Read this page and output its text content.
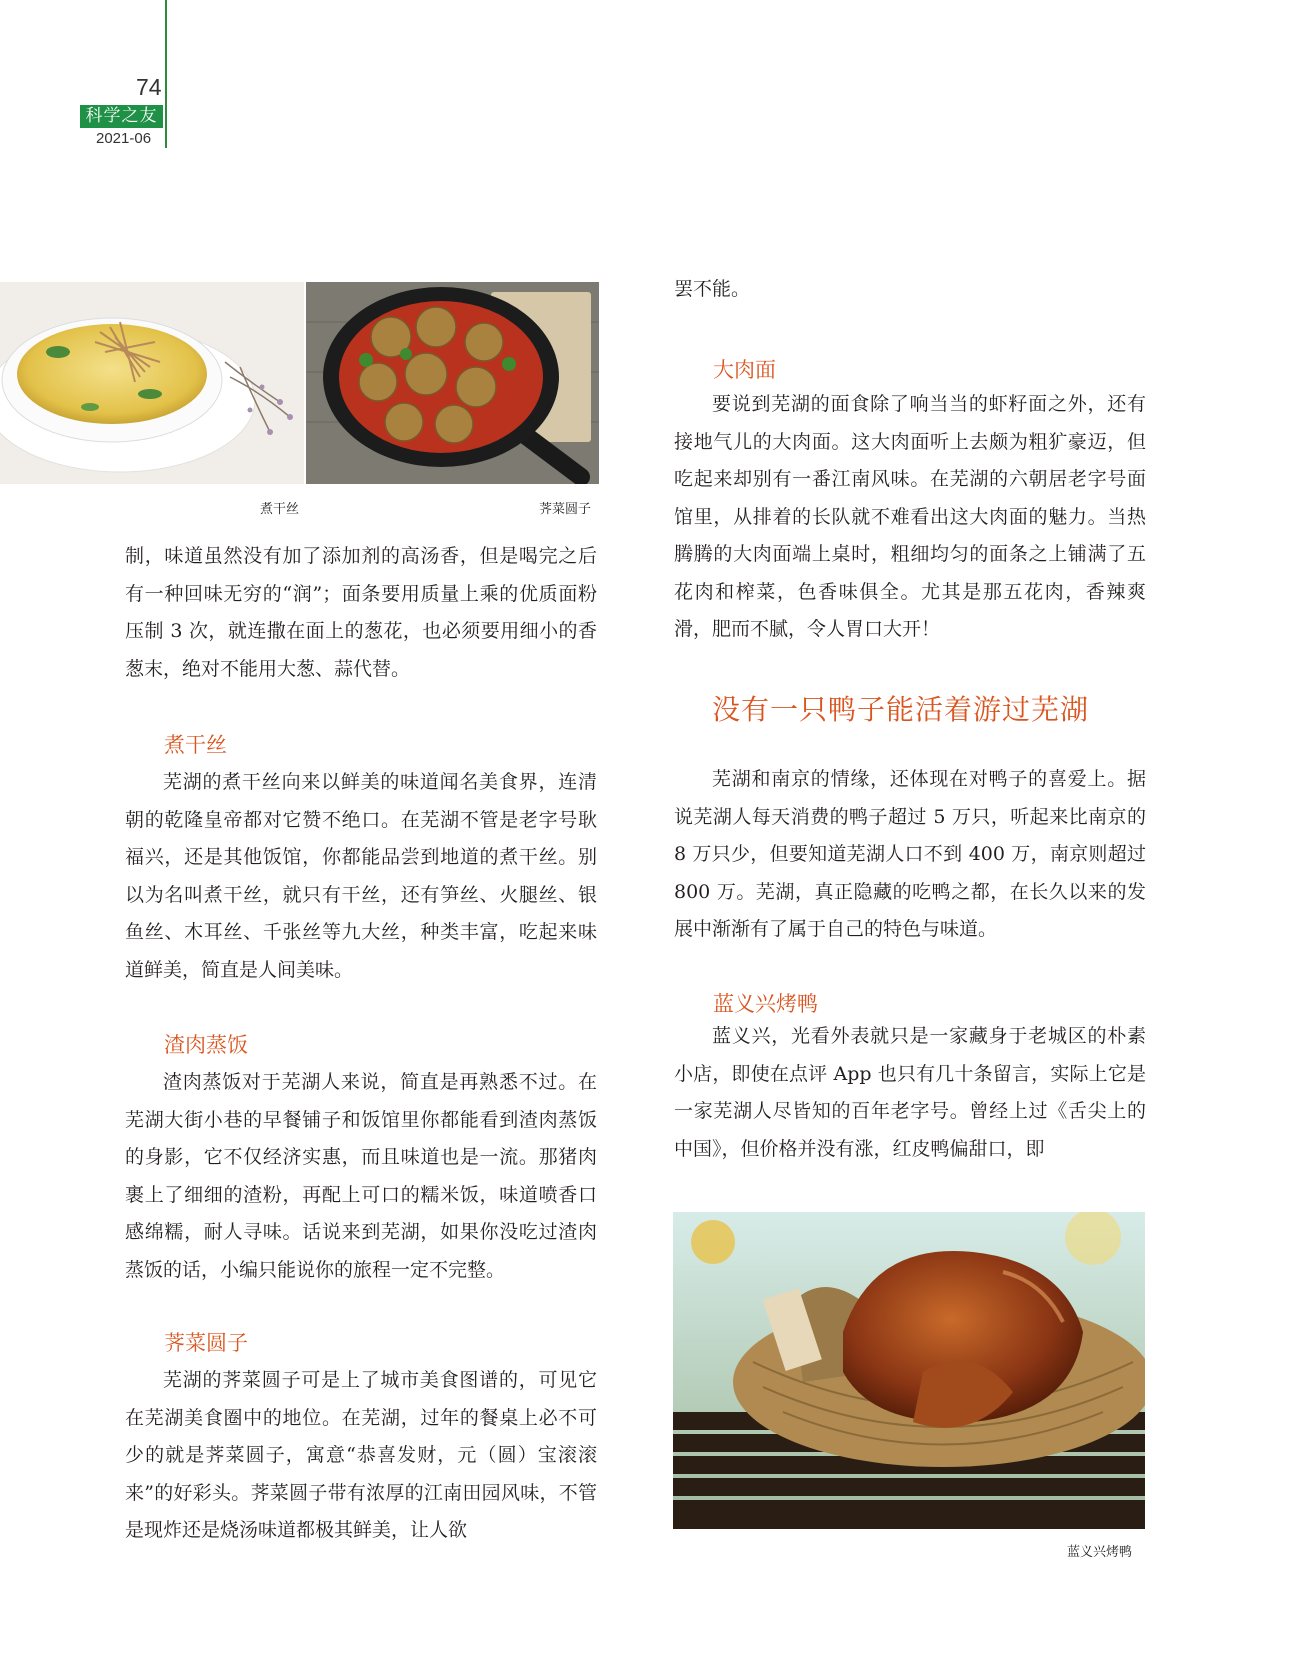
74
科学之友
2021-06
煮干丝	荠菜圆子

制，味道虽然没有加了添加剂的高汤香，但是喝完之后有一种回味无穷的“润”；面条要用质量上乘的优质面粉压制 3 次，就连撒在面上的葱花，也必须要用细小的香葱末，绝对不能用大葱、蒜代替。

煮干丝

芜湖的煮干丝向来以鲜美的味道闻名美食界，连清朝的乾隆皇帝都对它赞不绝口。在芜湖不管是老字号耿福兴，还是其他饭馆，你都能品尝到地道的煮干丝。别以为名叫煮干丝，就只有干丝，还有笋丝、火腿丝、银鱼丝、木耳丝、千张丝等九大丝，种类丰富，吃起来味道鲜美，简直是人间美味。

渣肉蒸饭

渣肉蒸饭对于芜湖人来说，简直是再熟悉不过。在芜湖大街小巷的早餐铺子和饭馆里你都能看到渣肉蒸饭的身影，它不仅经济实惠，而且味道也是一流。那猪肉裹上了细细的渣粉，再配上可口的糯米饭，味道喷香口感绵糯，耐人寻味。话说来到芜湖，如果你没吃过渣肉蒸饭的话，小编只能说你的旅程一定不完整。

荠菜圆子

芜湖的荠菜圆子可是上了城市美食图谱的，可见它在芜湖美食圈中的地位。在芜湖，过年的餐桌上必不可少的就是荠菜圆子，寓意“恭喜发财，元（圆）宝滚滚来”的好彩头。荠菜圆子带有浓厚的江南田园风味，不管是现炸还是烧汤味道都极其鲜美，让人欲

罢不能。

大肉面

要说到芜湖的面食除了响当当的虾籽面之外，还有接地气儿的大肉面。这大肉面听上去颇为粗犷豪迈，但吃起来却别有一番江南风味。在芜湖的六朝居老字号面馆里，从排着的长队就不难看出这大肉面的魅力。当热腾腾的大肉面端上桌时，粗细均匀的面条之上铺满了五花肉和榨菜，色香味俱全。尤其是那五花肉，香辣爽滑，肥而不腻，令人胃口大开！

没有一只鸭子能活着游过芜湖

芜湖和南京的情缘，还体现在对鸭子的喜爱上。据说芜湖人每天消费的鸭子超过 5 万只，听起来比南京的 8 万只少，但要知道芜湖人口不到 400 万，南京则超过 800 万。芜湖，真正隐藏的吃鸭之都，在长久以来的发展中渐渐有了属于自己的特色与味道。

蓝义兴烤鸭

蓝义兴，光看外表就只是一家藏身于老城区的朴素小店，即使在点评 App 也只有几十条留言，实际上它是一家芜湖人尽皆知的百年老字号。曾经上过《舌尖上的中国》，但价格并没有涨，红皮鸭偏甜口，即

蓝义兴烤鸭
